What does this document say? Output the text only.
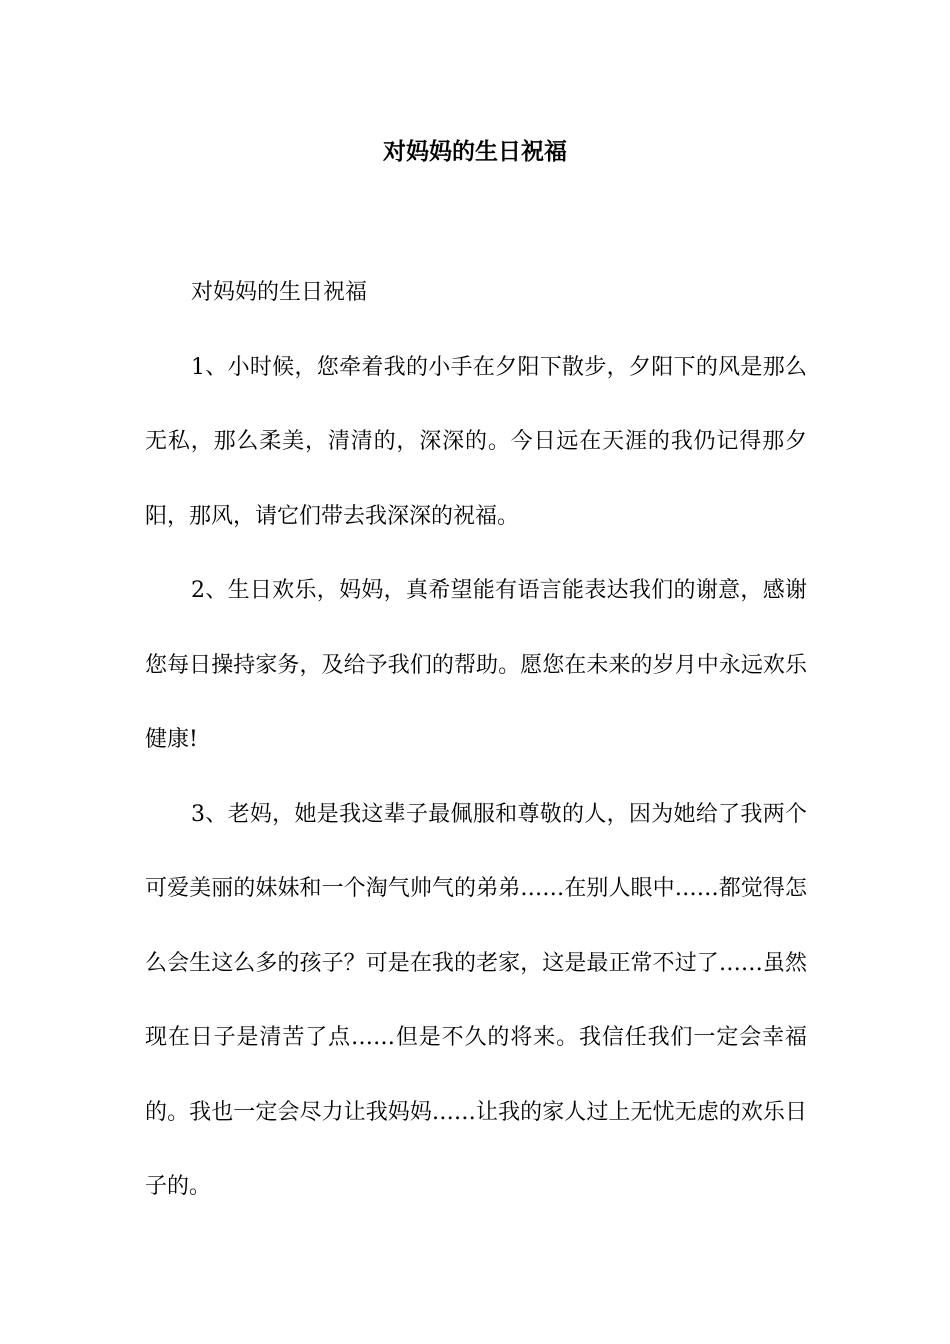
对妈妈的生日祝福

对妈妈的生日祝福

1、小时候，您牵着我的小手在夕阳下散步，夕阳下的风是那么无私，那么柔美，清清的，深深的。今日远在天涯的我仍记得那夕阳，那风，请它们带去我深深的祝福。

2、生日欢乐，妈妈，真希望能有语言能表达我们的谢意，感谢您每日操持家务，及给予我们的帮助。愿您在未来的岁月中永远欢乐健康!

3、老妈，她是我这辈子最佩服和尊敬的人，因为她给了我两个可爱美丽的妹妹和一个淘气帅气的弟弟……在别人眼中……都觉得怎么会生这么多的孩子？可是在我的老家，这是最正常不过了……虽然现在日子是清苦了点……但是不久的将来。我信任我们一定会幸福的。我也一定会尽力让我妈妈……让我的家人过上无忧无虑的欢乐日子的。
